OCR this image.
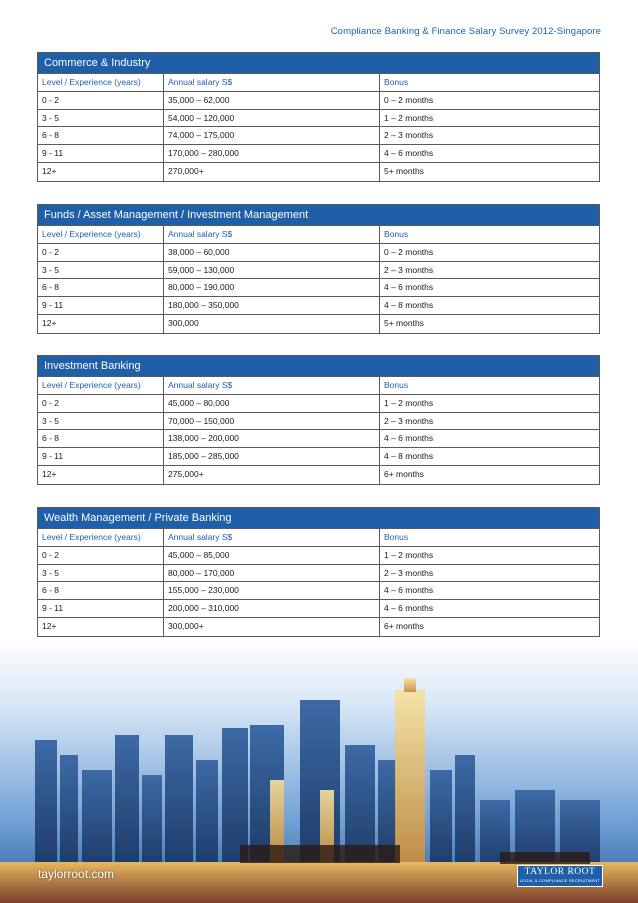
Compliance Banking & Finance Salary Survey 2012-Singapore
Commerce & Industry
Level / Experience (years)	Annual salary S$	Bonus
0 - 2	35,000 – 62,000	0 – 2 months
3 - 5	54,000 – 120,000	1 – 2 months
6 - 8	74,000 – 175,000	2 – 3 months
9 - 11	170,000 – 280,000	4 – 6 months
12+	270,000+	5+ months
Funds / Asset Management / Investment Management
Level / Experience (years)	Annual salary S$	Bonus
0 - 2	38,000 – 60,000	0 – 2 months
3 - 5	59,000 – 130,000	2 – 3 months
6 - 8	80,000 – 190,000	4 – 6 months
9 - 11	180,000 – 350,000	4 – 8 months
12+	300,000	5+ months
Investment Banking
Level / Experience (years)	Annual salary S$	Bonus
0 - 2	45,000 – 80,000	1 – 2 months
3 - 5	70,000 – 150,000	2 – 3 months
6 - 8	138,000 – 200,000	4 – 6 months
9 - 11	185,000 – 285,000	4 – 8 months
12+	275,000+	6+ months
Wealth Management / Private Banking
Level / Experience (years)	Annual salary S$	Bonus
0 - 2	45,000 – 85,000	1 – 2 months
3 - 5	80,000 – 170,000	2 – 3 months
6 - 8	155,000 – 230,000	4 – 6 months
9 - 11	200,000 – 310,000	4 – 6 months
12+	300,000+	6+ months
taylorroot.com	TAYLOR ROOT
LEGAL & COMPLIANCE RECRUITMENT
